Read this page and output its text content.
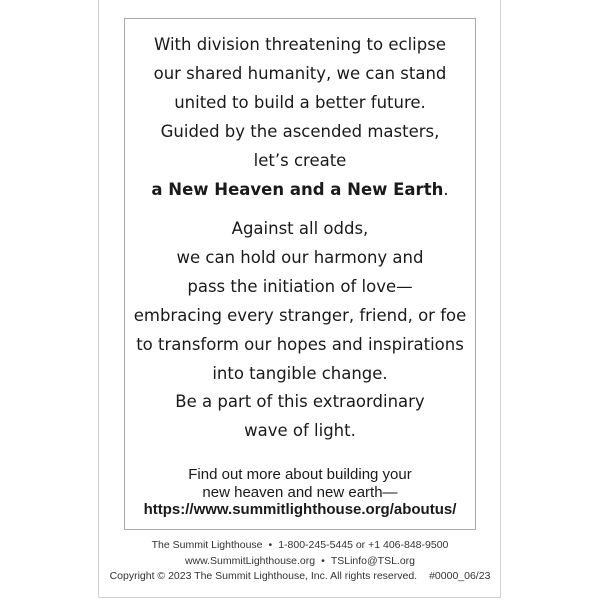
With division threatening to eclipse
our shared humanity, we can stand
united to build a better future.
Guided by the ascended masters,
let’s create
a New Heaven and a New Earth.
Against all odds,
we can hold our harmony and
pass the initiation of love—
embracing every stranger, friend, or foe
to transform our hopes and inspirations
into tangible change.
Be a part of this extraordinary
wave of light.
Find out more about building your
new heaven and new earth—
https://www.summitlighthouse.org/aboutus/
The Summit Lighthouse • 1-800-245-5445 or +1 406-848-9500
www.SummitLighthouse.org • TSLinfo@TSL.org
Copyright © 2023 The Summit Lighthouse, Inc. All rights reserved. #0000_06/23
